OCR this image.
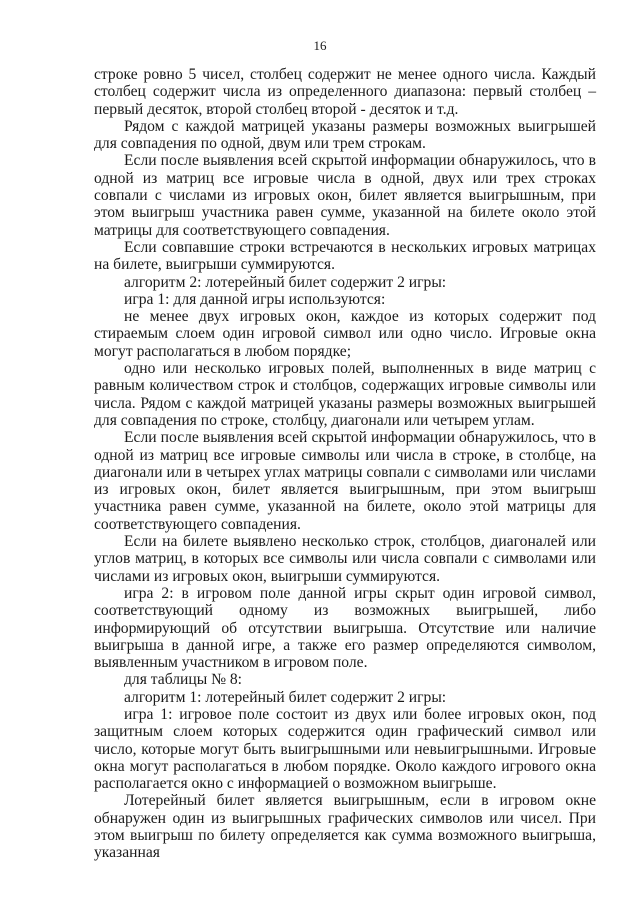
16

строке ровно 5 чисел, столбец содержит не менее одного числа. Каждый столбец содержит числа из определенного диапазона: первый столбец – первый десяток, второй столбец второй - десяток и т.д.

Рядом с каждой матрицей указаны размеры возможных выигрышей для совпадения по одной, двум или трем строкам.

Если после выявления всей скрытой информации обнаружилось, что в одной из матриц все игровые числа в одной, двух или трех строках совпали с числами из игровых окон, билет является выигрышным, при этом выигрыш участника равен сумме, указанной на билете около этой матрицы для соответствующего совпадения.

Если совпавшие строки встречаются в нескольких игровых матрицах на билете, выигрыши суммируются.

алгоритм 2: лотерейный билет содержит 2 игры:

игра 1: для данной игры используются:

не менее двух игровых окон, каждое из которых содержит под стираемым слоем один игровой символ или одно число. Игровые окна могут располагаться в любом порядке;

одно или несколько игровых полей, выполненных в виде матриц с равным количеством строк и столбцов, содержащих игровые символы или числа. Рядом с каждой матрицей указаны размеры возможных выигрышей для совпадения по строке, столбцу, диагонали или четырем углам.

Если после выявления всей скрытой информации обнаружилось, что в одной из матриц все игровые символы или числа в строке, в столбце, на диагонали или в четырех углах матрицы совпали с символами или числами из игровых окон, билет является выигрышным, при этом выигрыш участника равен сумме, указанной на билете, около этой матрицы для соответствующего совпадения.

Если на билете выявлено несколько строк, столбцов, диагоналей или углов матриц, в которых все символы или числа совпали с символами или числами из игровых окон, выигрыши суммируются.

игра 2: в игровом поле данной игры скрыт один игровой символ, соответствующий одному из возможных выигрышей, либо информирующий об отсутствии выигрыша. Отсутствие или наличие выигрыша в данной игре, а также его размер определяются символом, выявленным участником в игровом поле.

для таблицы № 8:

алгоритм 1: лотерейный билет содержит 2 игры:

игра 1: игровое поле состоит из двух или более игровых окон, под защитным слоем которых содержится один графический символ или число, которые могут быть выигрышными или невыигрышными. Игровые окна могут располагаться в любом порядке. Около каждого игрового окна располагается окно с информацией о возможном выигрыше.

Лотерейный билет является выигрышным, если в игровом окне обнаружен один из выигрышных графических символов или чисел. При этом выигрыш по билету определяется как сумма возможного выигрыша, указанная
